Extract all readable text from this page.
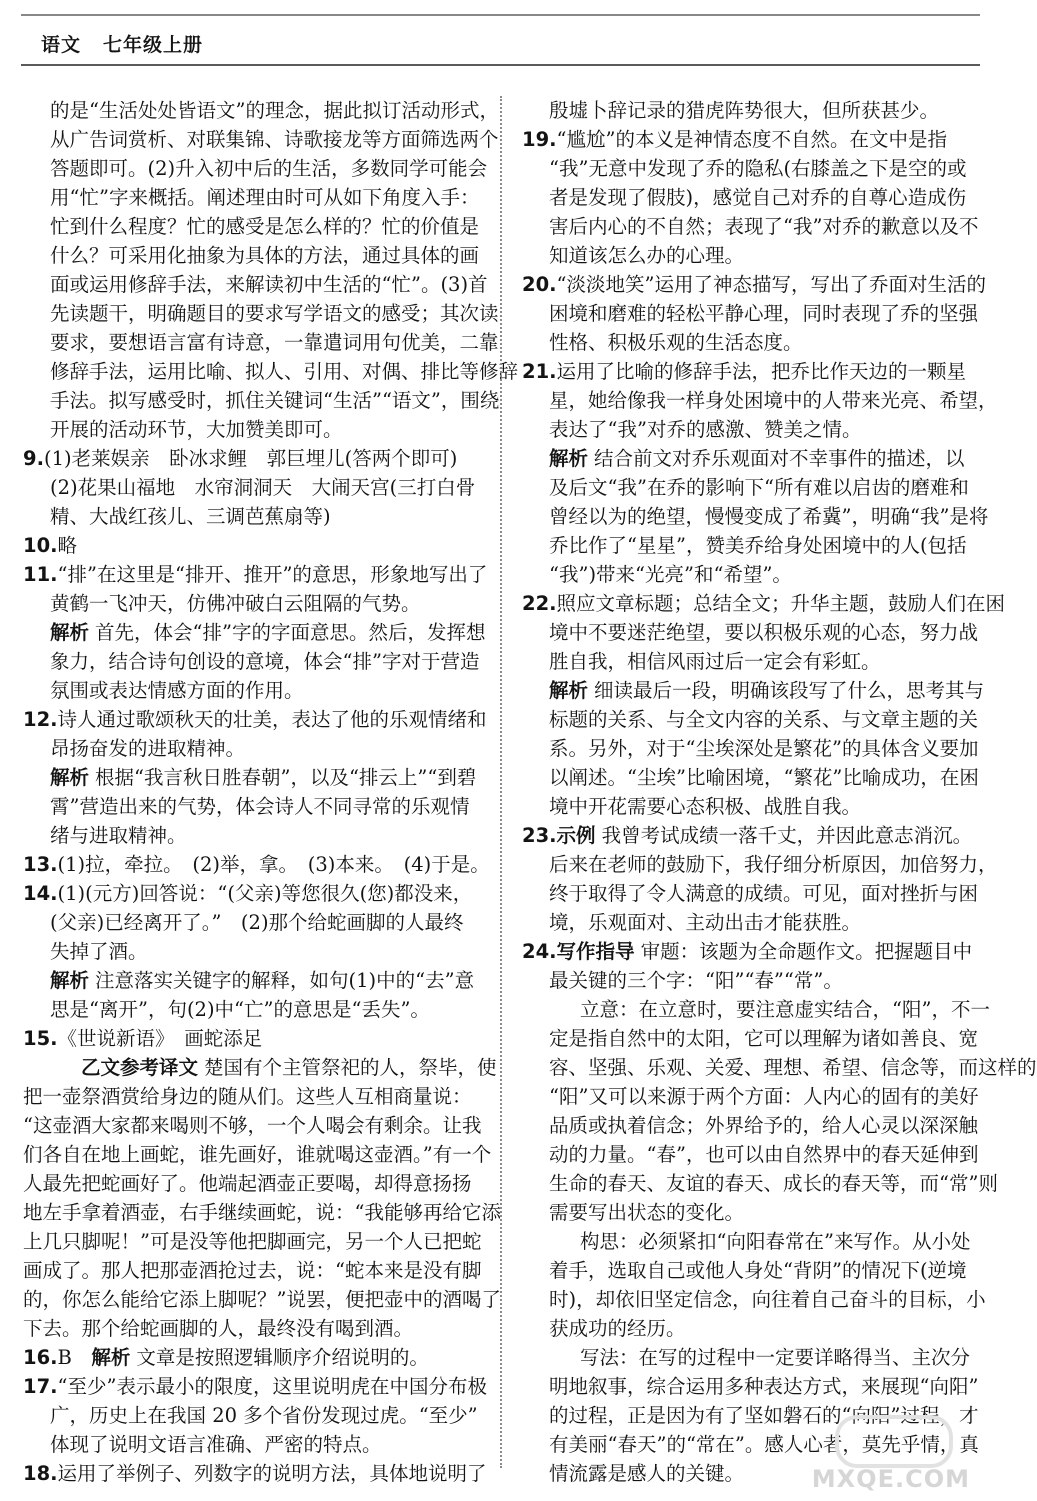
语文 七年级上册
的是“生活处处皆语文”的理念，据此拟订活动形式，
从广告词赏析、对联集锦、诗歌接龙等方面筛选两个
答题即可。(2)升入初中后的生活，多数同学可能会
用“忙”字来概括。阐述理由时可从如下角度入手：
忙到什么程度？忙的感受是怎么样的？忙的价值是
什么？可采用化抽象为具体的方法，通过具体的画
面或运用修辞手法，来解读初中生活的“忙”。(3)首
先读题干，明确题目的要求写学语文的感受；其次读
要求，要想语言富有诗意，一靠遣词用句优美，二靠
修辞手法，运用比喻、拟人、引用、对偶、排比等修辞
手法。拟写感受时，抓住关键词“生活”“语文”，围绕
开展的活动环节，大加赞美即可。
9.(1)老莱娱亲　卧冰求鲤　郭巨埋儿(答两个即可)
(2)花果山福地　水帘洞洞天　大闹天宫(三打白骨
精、大战红孩儿、三调芭蕉扇等)
10.略
11.“排”在这里是“排开、推开”的意思，形象地写出了
黄鹤一飞冲天，仿佛冲破白云阻隔的气势。
解析 首先，体会“排”字的字面意思。然后，发挥想
象力，结合诗句创设的意境，体会“排”字对于营造
氛围或表达情感方面的作用。
12.诗人通过歌颂秋天的壮美，表达了他的乐观情绪和
昂扬奋发的进取精神。
解析 根据“我言秋日胜春朝”，以及“排云上”“到碧
霄”营造出来的气势，体会诗人不同寻常的乐观情
绪与进取精神。
13.(1)拉，牵拉。　(2)举，拿。　(3)本来。　(4)于是。
14.(1)(元方)回答说：“(父亲)等您很久(您)都没来，
(父亲)已经离开了。”　(2)那个给蛇画脚的人最终
失掉了酒。
解析 注意落实关键字的解释，如句(1)中的“去”意
思是“离开”，句(2)中“亡”的意思是“丢失”。
15.《世说新语》　画蛇添足
乙文参考译文 楚国有个主管祭祀的人，祭毕，使
把一壶祭酒赏给身边的随从们。这些人互相商量说：
“这壶酒大家都来喝则不够，一个人喝会有剩余。让我
们各自在地上画蛇，谁先画好，谁就喝这壶酒。”有一个
人最先把蛇画好了。他端起酒壶正要喝，却得意扬扬
地左手拿着酒壶，右手继续画蛇，说：“我能够再给它添
上几只脚呢！”可是没等他把脚画完，另一个人已把蛇
画成了。那人把那壶酒抢过去，说：“蛇本来是没有脚
的，你怎么能给它添上脚呢？”说罢，便把壶中的酒喝了
下去。那个给蛇画脚的人，最终没有喝到酒。
16.B　解析 文章是按照逻辑顺序介绍说明的。
17.“至少”表示最小的限度，这里说明虎在中国分布极
广，历史上在我国 20 多个省份发现过虎。“至少”
体现了说明文语言准确、严密的特点。
18.运用了举例子、列数字的说明方法，具体地说明了
殷墟卜辞记录的猎虎阵势很大，但所获甚少。
19.“尴尬”的本义是神情态度不自然。在文中是指
“我”无意中发现了乔的隐私(右膝盖之下是空的或
者是发现了假肢)，感觉自己对乔的自尊心造成伤
害后内心的不自然；表现了“我”对乔的歉意以及不
知道该怎么办的心理。
20.“淡淡地笑”运用了神态描写，写出了乔面对生活的
困境和磨难的轻松平静心理，同时表现了乔的坚强
性格、积极乐观的生活态度。
21.运用了比喻的修辞手法，把乔比作天边的一颗星
星，她给像我一样身处困境中的人带来光亮、希望，
表达了“我”对乔的感激、赞美之情。
解析 结合前文对乔乐观面对不幸事件的描述，以
及后文“我”在乔的影响下“所有难以启齿的磨难和
曾经以为的绝望，慢慢变成了希冀”，明确“我”是将
乔比作了“星星”，赞美乔给身处困境中的人(包括
“我”)带来“光亮”和“希望”。
22.照应文章标题；总结全文；升华主题，鼓励人们在困
境中不要迷茫绝望，要以积极乐观的心态，努力战
胜自我，相信风雨过后一定会有彩虹。
解析 细读最后一段，明确该段写了什么，思考其与
标题的关系、与全文内容的关系、与文章主题的关
系。另外，对于“尘埃深处是繁花”的具体含义要加
以阐述。“尘埃”比喻困境，“繁花”比喻成功，在困
境中开花需要心态积极、战胜自我。
23.示例 我曾考试成绩一落千丈，并因此意志消沉。
后来在老师的鼓励下，我仔细分析原因，加倍努力，
终于取得了令人满意的成绩。可见，面对挫折与困
境，乐观面对、主动出击才能获胜。
24.写作指导 审题：该题为全命题作文。把握题目中
最关键的三个字：“阳”“春”“常”。
立意：在立意时，要注意虚实结合，“阳”，不一
定是指自然中的太阳，它可以理解为诸如善良、宽
容、坚强、乐观、关爱、理想、希望、信念等，而这样的
“阳”又可以来源于两个方面：人内心的固有的美好
品质或执着信念；外界给予的，给人心灵以深深触
动的力量。“春”，也可以由自然界中的春天延伸到
生命的春天、友谊的春天、成长的春天等，而“常”则
需要写出状态的变化。
构思：必须紧扣“向阳春常在”来写作。从小处
着手，选取自己或他人身处“背阴”的情况下(逆境
时)，却依旧坚定信念，向往着自己奋斗的目标，小
获成功的经历。
写法：在写的过程中一定要详略得当、主次分
明地叙事，综合运用多种表达方式，来展现“向阳”
的过程，正是因为有了坚如磐石的“向阳”过程，才
有美丽“春天”的“常在”。感人心者，莫先乎情，真
情流露是感人的关键。	MXQE.COM
